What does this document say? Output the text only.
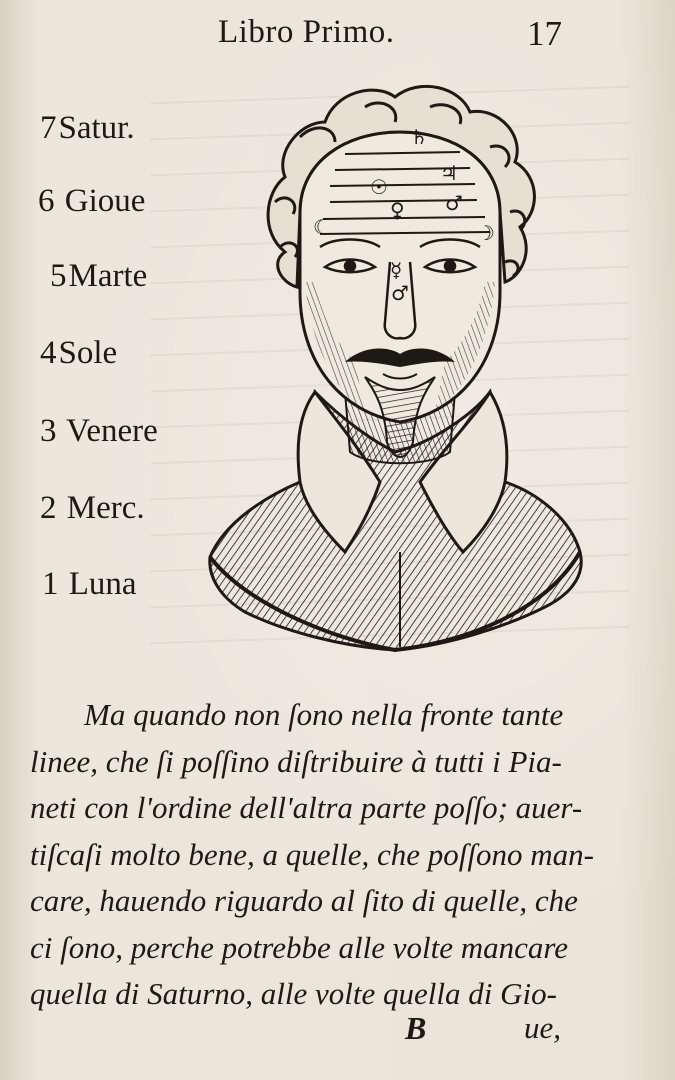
Libro Primo.	17
7Satur.
6 Gioue
5Marte
4Sole
3 Venere
2 Merc.
1 Luna
♄
♃
☉
♂
♀
☾	☽
☿
♂
Ma quando non ſono nella fronte tante
linee, che ſi poſſino diſtribuire à tutti i Pia-
neti con l'ordine dell'altra parte poſſo; auer-
tiſcaſi molto bene, a quelle, che poſſono man-
care, hauendo riguardo al ſito di quelle, che
ci ſono, perche potrebbe alle volte mancare
quella di Saturno, alle volte quella di Gio-
B	ue,
